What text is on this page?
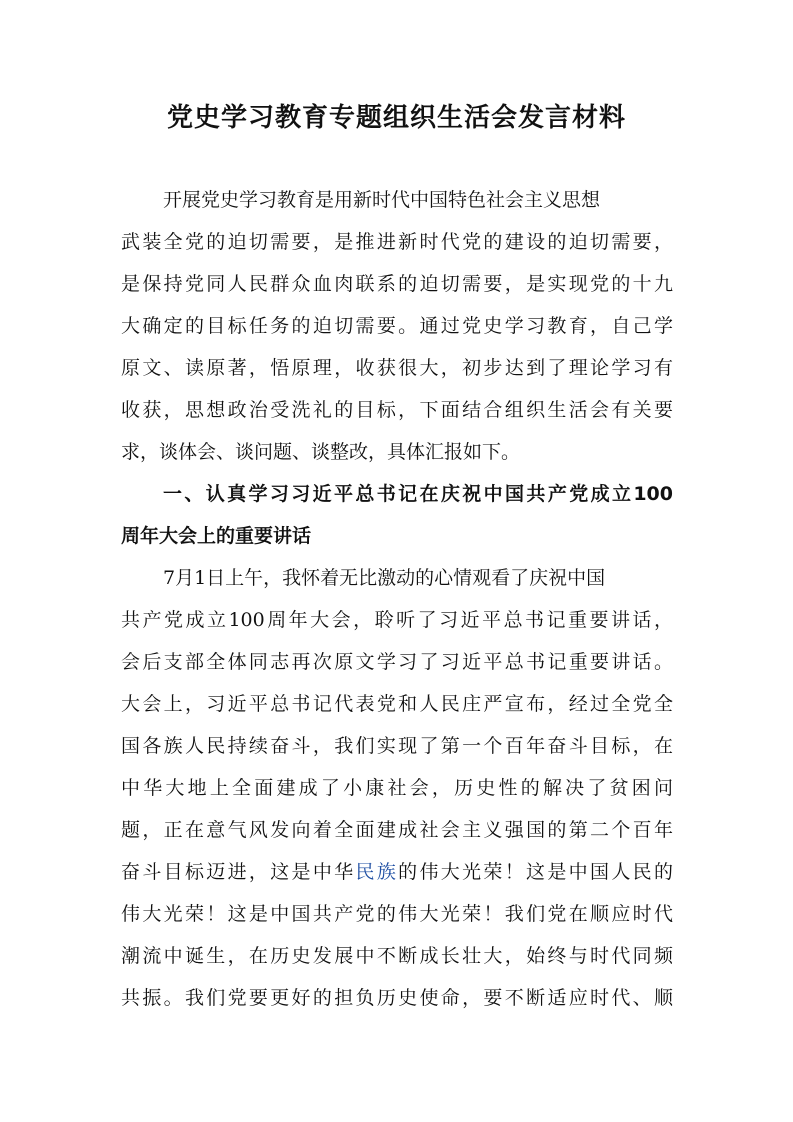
党史学习教育专题组织生活会发言材料
开展党史学习教育是用新时代中国特色社会主义思想
武装全党的迫切需要，是推进新时代党的建设的迫切需要，
是保持党同人民群众血肉联系的迫切需要，是实现党的十九
大确定的目标任务的迫切需要。通过党史学习教育，自己学
原文、读原著，悟原理，收获很大，初步达到了理论学习有
收获，思想政治受洗礼的目标，下面结合组织生活会有关要
求，谈体会、谈问题、谈整改，具体汇报如下。
一、认真学习习近平总书记在庆祝中国共产党成立100
周年大会上的重要讲话
7月1日上午，我怀着无比激动的心情观看了庆祝中国
共产党成立100周年大会，聆听了习近平总书记重要讲话，
会后支部全体同志再次原文学习了习近平总书记重要讲话。
大会上，习近平总书记代表党和人民庄严宣布，经过全党全
国各族人民持续奋斗，我们实现了第一个百年奋斗目标，在
中华大地上全面建成了小康社会，历史性的解决了贫困问
题，正在意气风发向着全面建成社会主义强国的第二个百年
奋斗目标迈进，这是中华民族的伟大光荣！这是中国人民的
伟大光荣！这是中国共产党的伟大光荣！我们党在顺应时代
潮流中诞生，在历史发展中不断成长壮大，始终与时代同频
共振。我们党要更好的担负历史使命，要不断适应时代、顺
